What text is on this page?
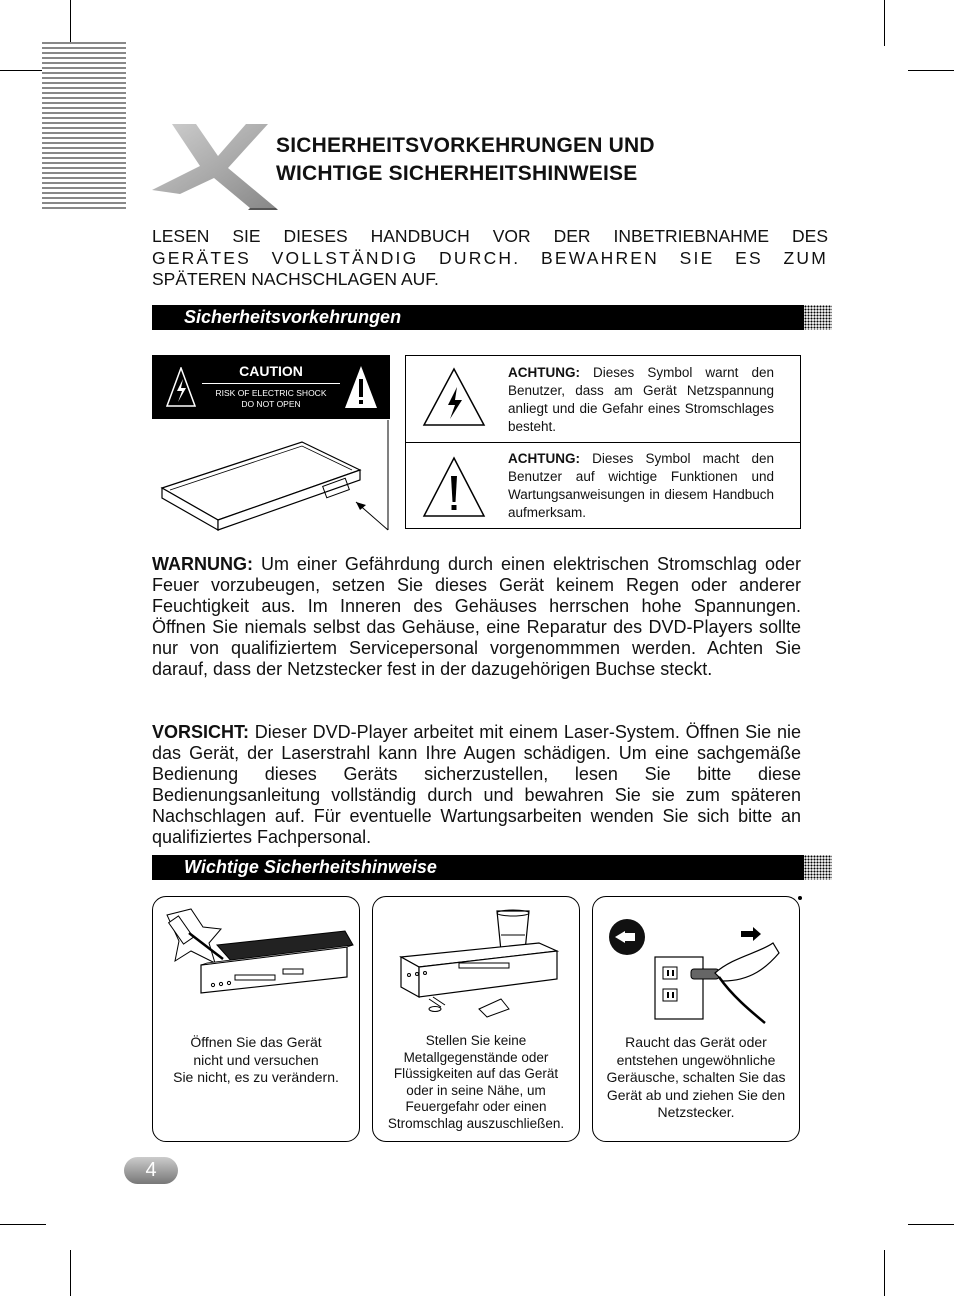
SICHERHEITSVORKEHRUNGEN UND
WICHTIGE SICHERHEITSHINWEISE
LESEN SIE DIESES HANDBUCH VOR DER INBETRIEBNAHME DES
GERÄTES VOLLSTÄNDIG DURCH. BEWAHREN SIE ES ZUM
SPÄTEREN NACHSCHLAGEN AUF.
Sicherheitsvorkehrungen
CAUTION
RISK OF ELECTRIC SHOCK
DO NOT OPEN
ACHTUNG: Dieses Symbol warnt den Benutzer, dass am Gerät Netzspannung anliegt und die Gefahr eines Stromschlages besteht.
ACHTUNG: Dieses Symbol macht den Benutzer auf wichtige Funktionen und Wartungsanweisungen in diesem Handbuch aufmerksam.
WARNUNG: Um einer Gefährdung durch einen elektrischen Stromschlag oder Feuer vorzubeugen, setzen Sie dieses Gerät keinem Regen oder anderer Feuchtigkeit aus. Im Inneren des Gehäuses herrschen hohe Spannungen. Öffnen Sie niemals selbst das Gehäuse, eine Reparatur des DVD-Players sollte nur von qualifiziertem Servicepersonal vorgenommmen werden. Achten Sie darauf, dass der Netzstecker fest in der dazugehörigen Buchse steckt.
VORSICHT: Dieser DVD-Player arbeitet mit einem Laser-System. Öffnen Sie nie das Gerät, der Laserstrahl kann Ihre Augen schädigen. Um eine sachgemäße Bedienung dieses Geräts sicherzustellen, lesen Sie bitte diese Bedienungsanleitung vollständig durch und bewahren Sie sie zum späteren Nachschlagen auf. Für eventuelle Wartungsarbeiten wenden Sie sich bitte an qualifiziertes Fachpersonal.
Wichtige Sicherheitshinweise
Öffnen Sie das Gerät
nicht und versuchen
Sie nicht, es zu verändern.
Stellen Sie keine
Metallgegenstände oder
Flüssigkeiten auf das Gerät
oder in seine Nähe, um
Feuergefahr oder einen
Stromschlag auszuschließen.
Raucht das Gerät oder
entstehen ungewöhnliche
Geräusche, schalten Sie das
Gerät ab und ziehen Sie den
Netzstecker.
4
